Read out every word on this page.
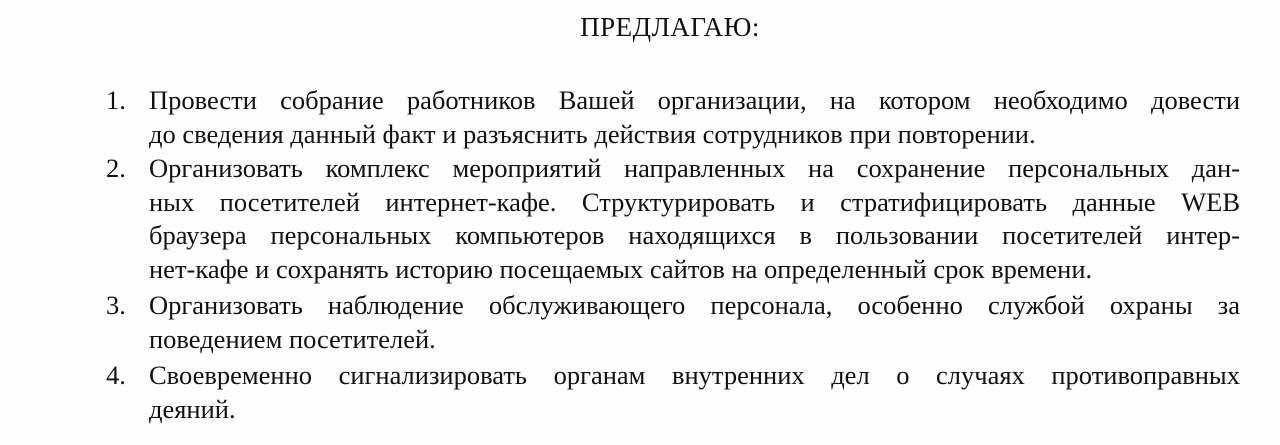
ПРЕДЛАГАЮ:
1. Провести собрание работников Вашей организации, на котором необходимо довести
до сведения данный факт и разъяснить действия сотрудников при повторении.
2. Организовать комплекс мероприятий направленных на сохранение персональных дан-
ных посетителей интернет-кафе. Структурировать и стратифицировать данные WEB
браузера персональных компьютеров находящихся в пользовании посетителей интер-
нет-кафе и сохранять историю посещаемых сайтов на определенный срок времени.
3. Организовать наблюдение обслуживающего персонала, особенно службой охраны за
поведением посетителей.
4. Своевременно сигнализировать органам внутренних дел о случаях противоправных
деяний.
